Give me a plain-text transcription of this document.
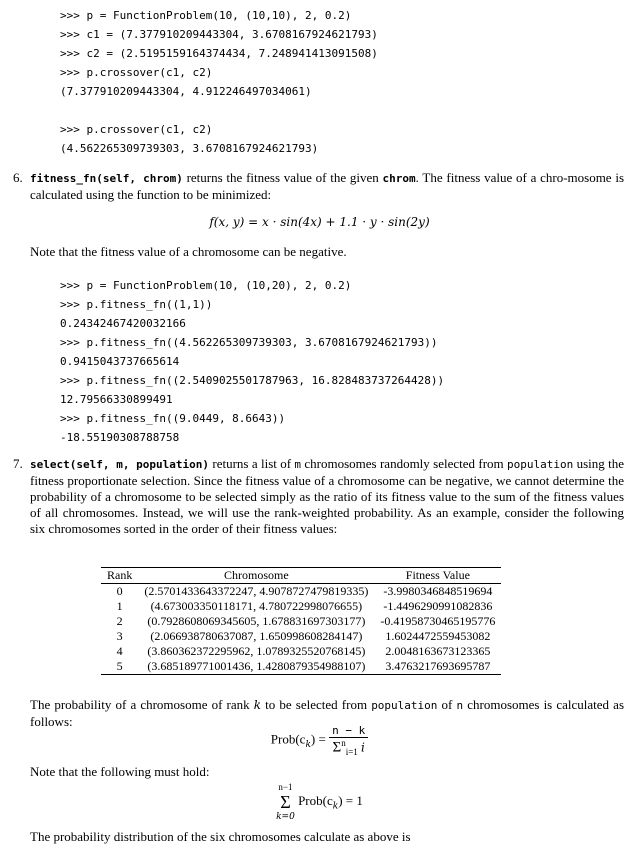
>>> p = FunctionProblem(10, (10,10), 2, 0.2)
>>> c1 = (7.377910209443304, 3.6708167924621793)
>>> c2 = (2.5195159164374434, 7.248941413091508)
>>> p.crossover(c1, c2)
(7.377910209443304, 4.912246497034061)
>>> p.crossover(c1, c2)
(4.562265309739303, 3.6708167924621793)
6. fitness_fn(self, chrom) returns the fitness value of the given chrom. The fitness value of a chro-mosome is calculated using the function to be minimized:
f(x, y) = x · sin(4x) + 1.1 · y · sin(2y)
Note that the fitness value of a chromosome can be negative.
>>> p = FunctionProblem(10, (10,20), 2, 0.2)
>>> p.fitness_fn((1,1))
0.24342467420032166
>>> p.fitness_fn((4.562265309739303, 3.6708167924621793))
0.9415043737665614
>>> p.fitness_fn((2.5409025501787963, 16.828483737264428))
12.79566330899491
>>> p.fitness_fn((9.0449, 8.6643))
-18.55190308788758
7. select(self, m, population) returns a list of m chromosomes randomly selected from population using the fitness proportionate selection. Since the fitness value of a chromosome can be negative, we cannot determine the probability of a chromosome to be selected simply as the ratio of its fitness value to the sum of the fitness values of all chromosomes. Instead, we will use the rank-weighted probability. As an example, consider the following six chromosomes sorted in the order of their fitness values:
Rank	Chromosome	Fitness Value
0	(2.5701433643372247, 4.9078727479819335)	-3.9980346848519694
1	(4.673003350118171, 4.780722998076655)	-1.4496290991082836
2	(0.7928608069345605, 1.678831697303177)	-0.41958730465195776
3	(2.066938780637087, 1.650998608284147)	1.6024472559453082
4	(3.860362372295962, 1.0789325520768145)	2.0048163673123365
5	(3.685189771001436, 1.4280879354988107)	3.4763217693695787
The probability of a chromosome of rank k to be selected from population of n chromosomes is calculated as follows:
$Prob(c_k) = \frac{n - k}{\Sigma^n_{i=1} i}$
Note that the following must hold:
n−1
Σ
k=0
$Prob(c_k) = 1$
The probability distribution of the six chromosomes calculate as above is
